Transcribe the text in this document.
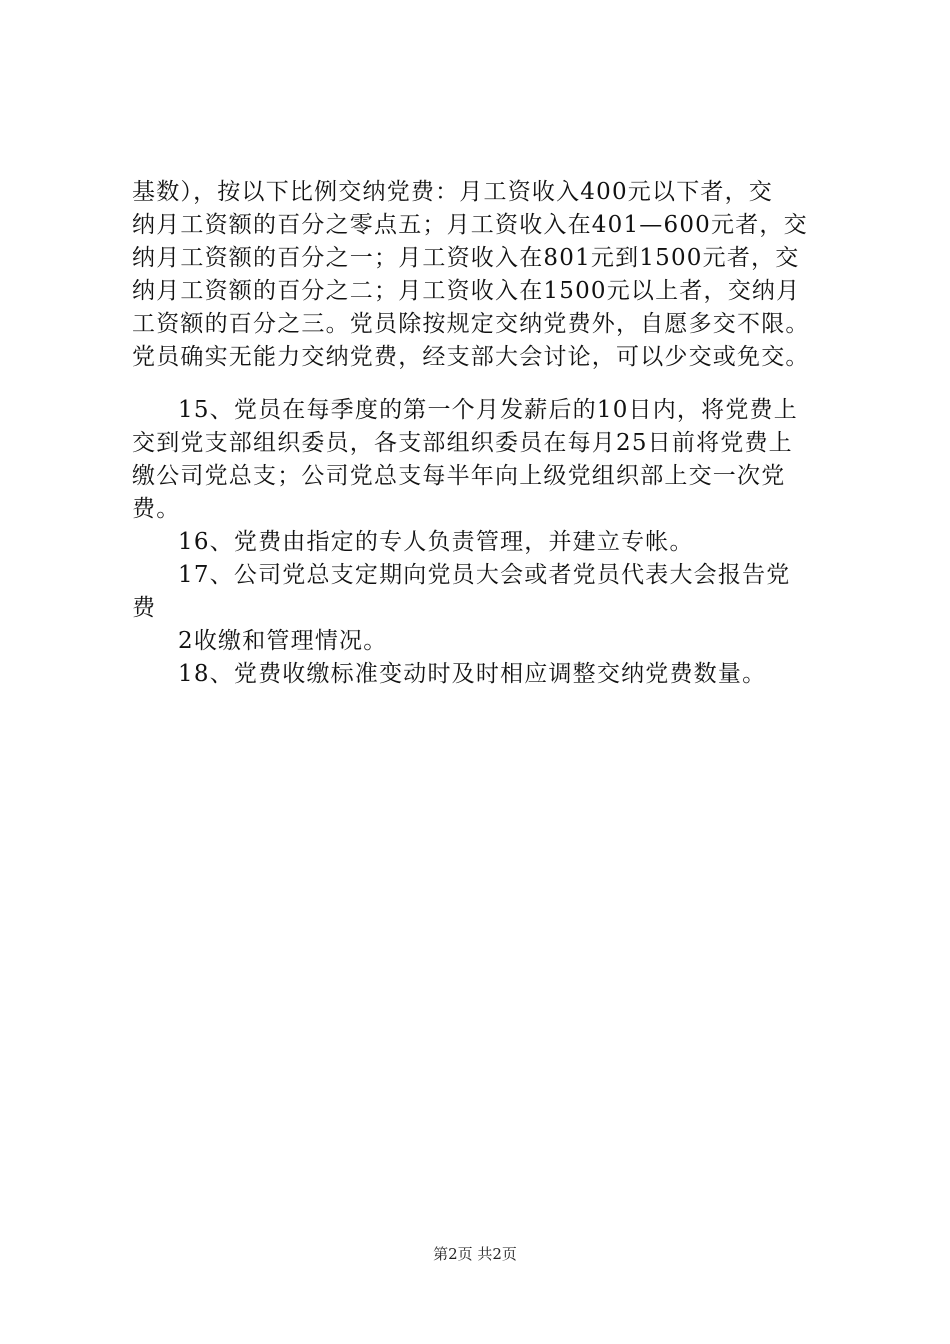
基数），按以下比例交纳党费：月工资收入400元以下者，交
纳月工资额的百分之零点五；月工资收入在401—600元者，交
纳月工资额的百分之一；月工资收入在801元到1500元者，交
纳月工资额的百分之二；月工资收入在1500元以上者，交纳月
工资额的百分之三。党员除按规定交纳党费外，自愿多交不限。
党员确实无能力交纳党费，经支部大会讨论，可以少交或免交。
15、党员在每季度的第一个月发薪后的10日内，将党费上
交到党支部组织委员，各支部组织委员在每月25日前将党费上
缴公司党总支；公司党总支每半年向上级党组织部上交一次党
费。
16、党费由指定的专人负责管理，并建立专帐。
17、公司党总支定期向党员大会或者党员代表大会报告党
费
2收缴和管理情况。
18、党费收缴标准变动时及时相应调整交纳党费数量。
第2页 共2页
